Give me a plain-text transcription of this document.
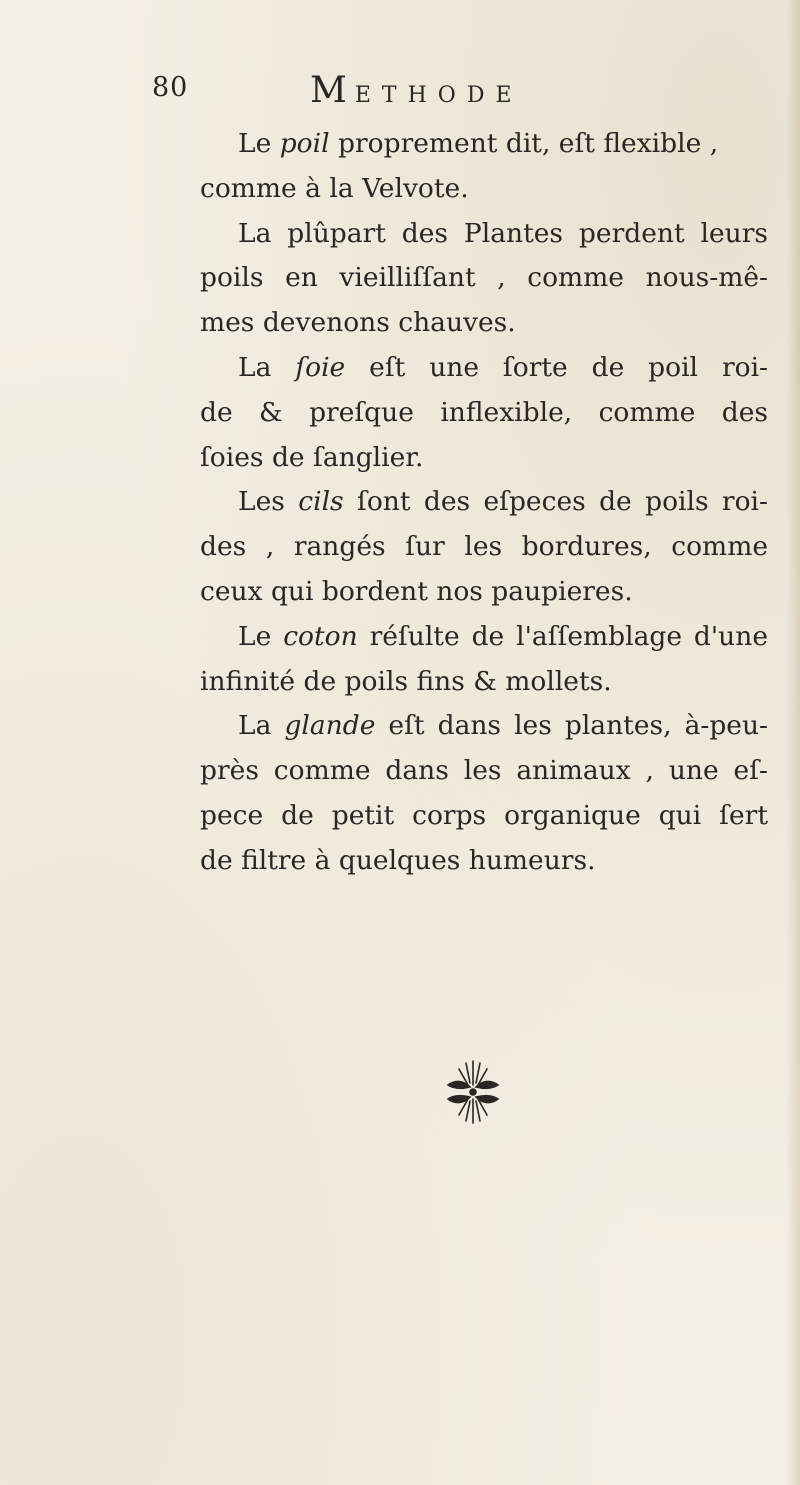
80	METHODE
Le poil proprement dit, eſt flexible ,
comme à la Velvote.
La plûpart des Plantes perdent leurs
poils en vieilliſſant , comme nous-mê-
mes devenons chauves.
La ſoie eſt une ſorte de poil roi-
de & preſque inflexible, comme des
ſoies de ſanglier.
Les cils ſont des eſpeces de poils roi-
des , rangés ſur les bordures, comme
ceux qui bordent nos paupieres.
Le coton réſulte de l'aſſemblage d'une
infinité de poils fins & mollets.
La glande eſt dans les plantes, à-peu-
près comme dans les animaux , une eſ-
pece de petit corps organique qui ſert
de filtre à quelques humeurs.
